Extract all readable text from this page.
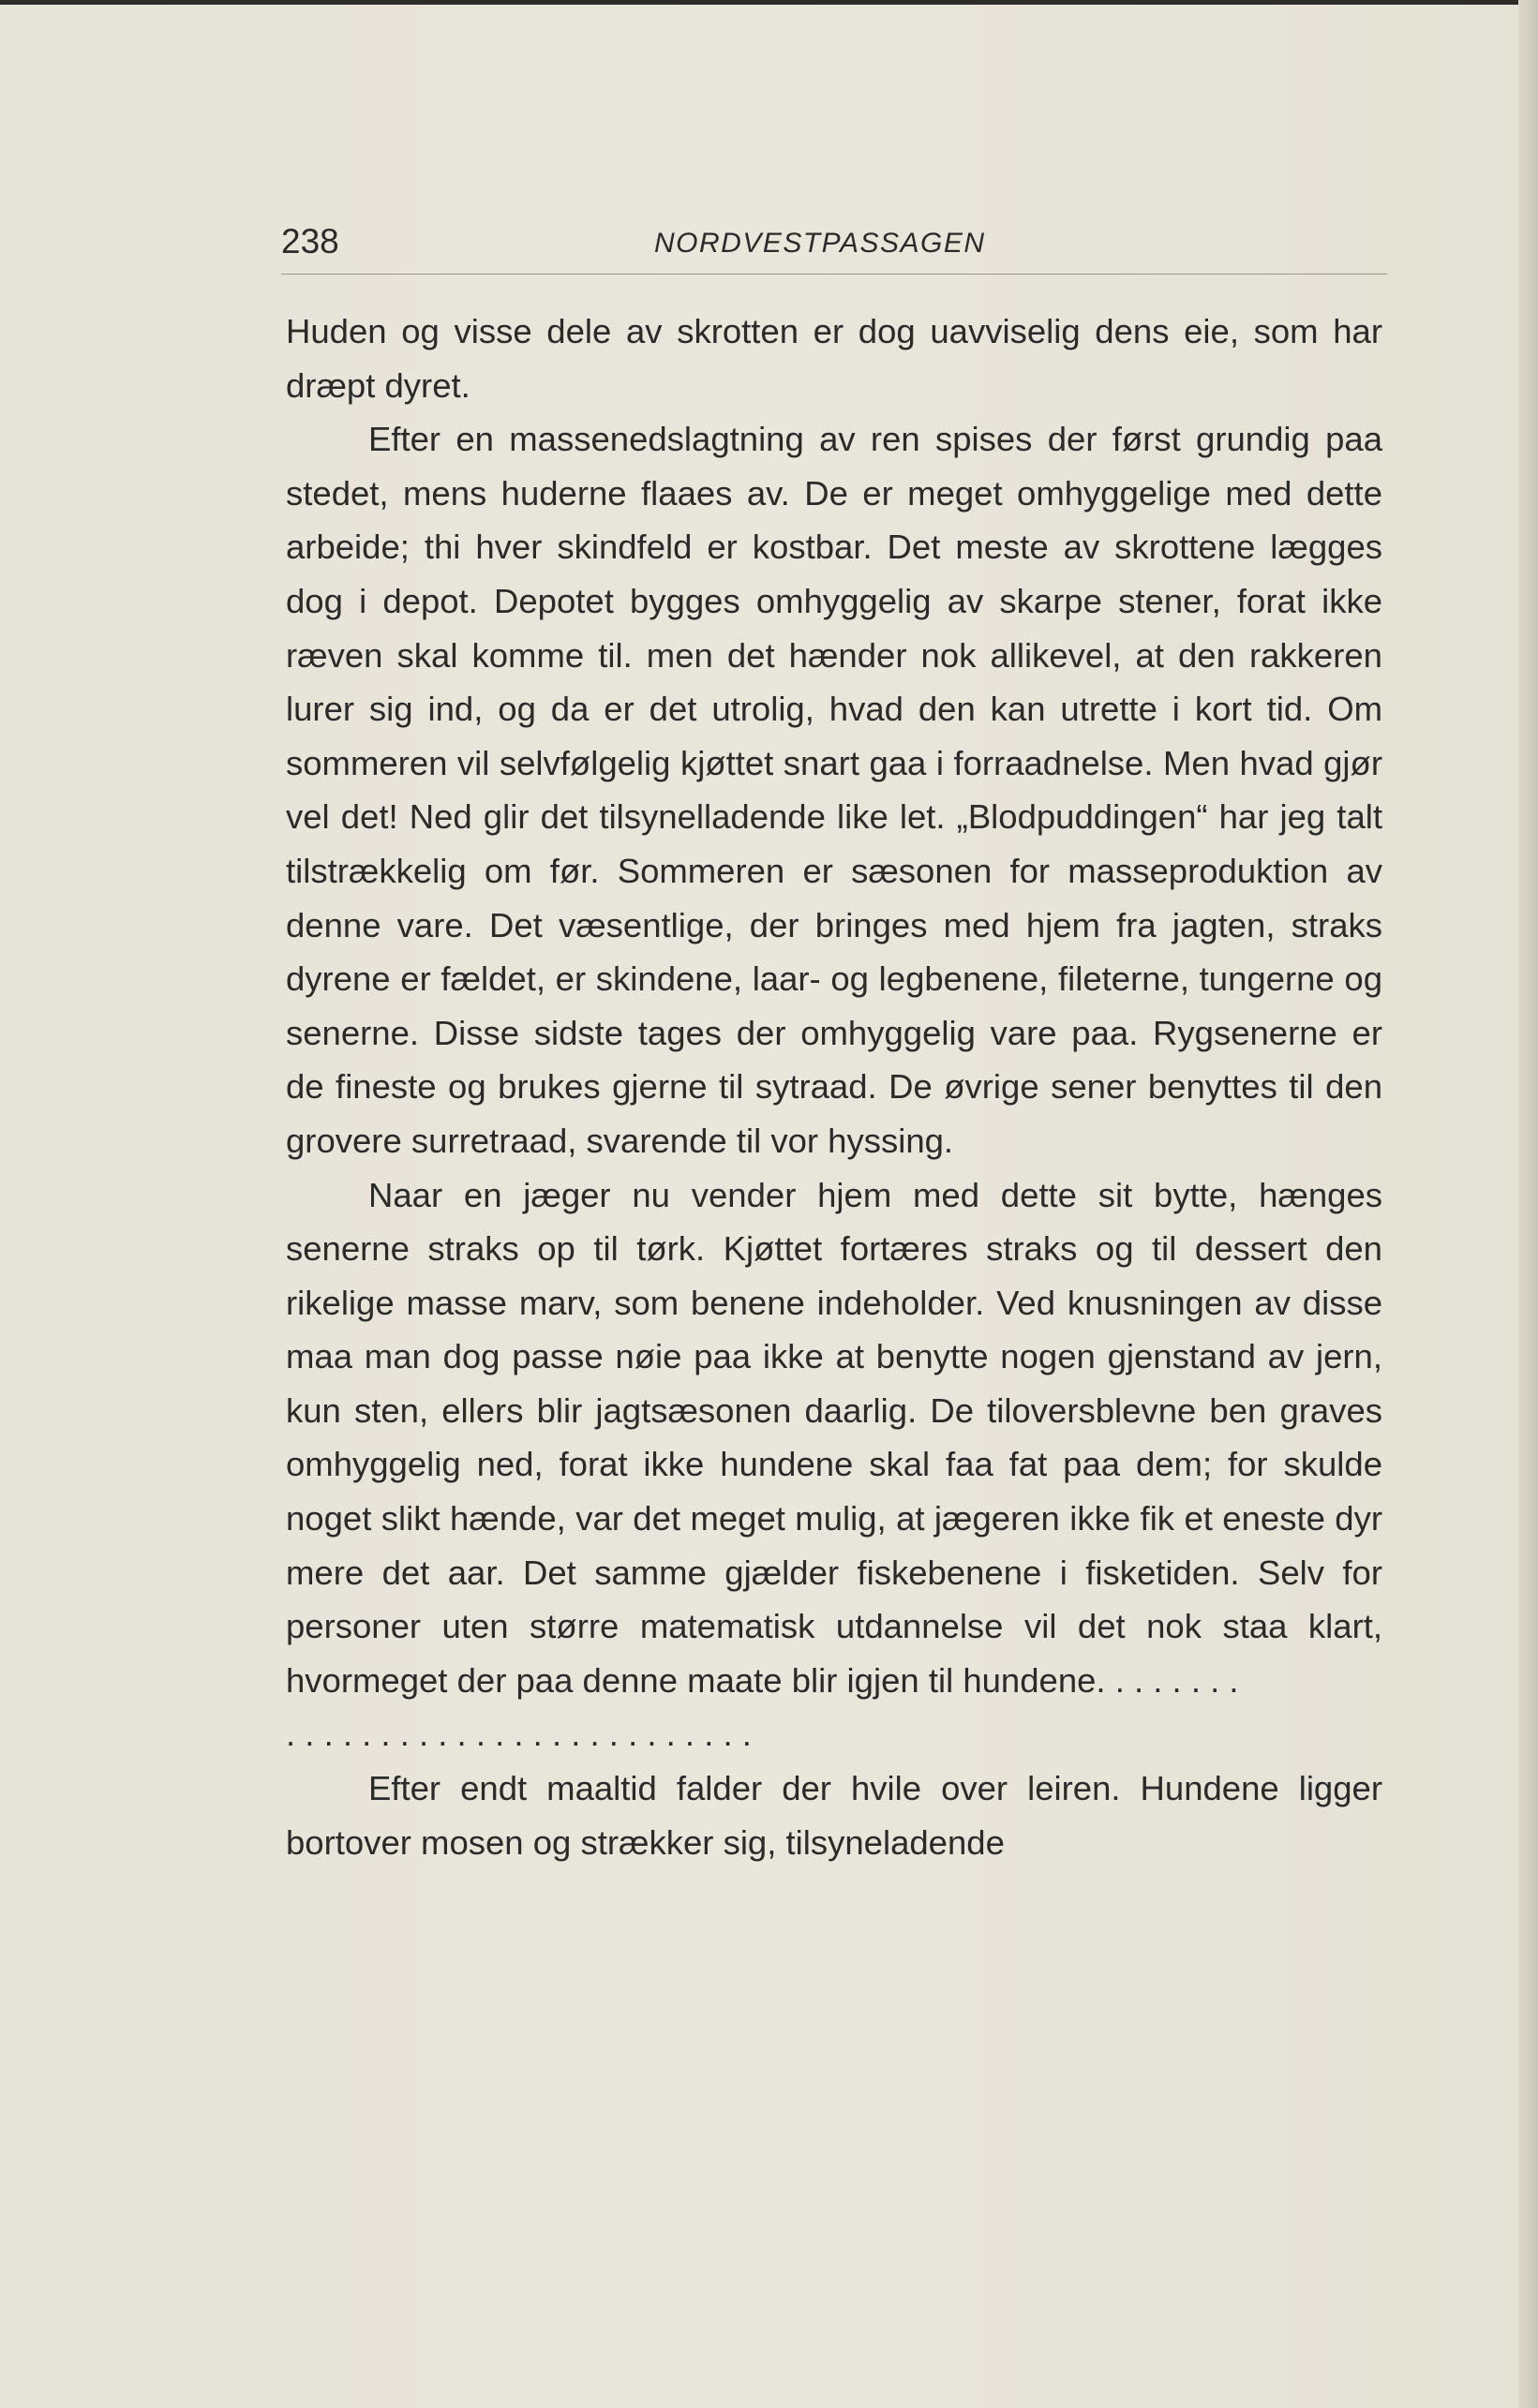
238	NORDVESTPASSAGEN

Huden og visse dele av skrotten er dog uavviselig dens eie, som har dræpt dyret.

Efter en massenedslagtning av ren spises der først grundig paa stedet, mens huderne flaaes av. De er meget omhyggelige med dette arbeide; thi hver skindfeld er kostbar. Det meste av skrottene lægges dog i depot. Depotet bygges omhyggelig av skarpe stener, forat ikke ræven skal komme til. men det hænder nok allikevel, at den rakkeren lurer sig ind, og da er det utrolig, hvad den kan utrette i kort tid. Om sommeren vil selvfølgelig kjøttet snart gaa i forraadnelse. Men hvad gjør vel det! Ned glir det tilsynelladende like let. „Blodpuddingen“ har jeg talt tilstrækkelig om før. Sommeren er sæsonen for masseproduktion av denne vare. Det væsentlige, der bringes med hjem fra jagten, straks dyrene er fældet, er skindene, laar- og legbenene, fileterne, tungerne og senerne. Disse sidste tages der omhyggelig vare paa. Rygsenerne er de fineste og brukes gjerne til sytraad. De øvrige sener benyttes til den grovere surretraad, svarende til vor hyssing.

Naar en jæger nu vender hjem med dette sit bytte, hænges senerne straks op til tørk. Kjøttet fortæres straks og til dessert den rikelige masse marv, som benene indeholder. Ved knusningen av disse maa man dog passe nøie paa ikke at benytte nogen gjenstand av jern, kun sten, ellers blir jagtsæsonen daarlig. De tiloversblevne ben graves omhyggelig ned, forat ikke hundene skal faa fat paa dem; for skulde noget slikt hænde, var det meget mulig, at jægeren ikke fik et eneste dyr mere det aar. Det samme gjælder fiskebenene i fisketiden. Selv for personer uten større matematisk utdannelse vil det nok staa klart, hvormeget der paa denne maate blir igjen til hundene. . . . . . . .

. . . . . . . . . . . . . . . . . . . . . . . . .

Efter endt maaltid falder der hvile over leiren. Hundene ligger bortover mosen og strækker sig, tilsyneladende
